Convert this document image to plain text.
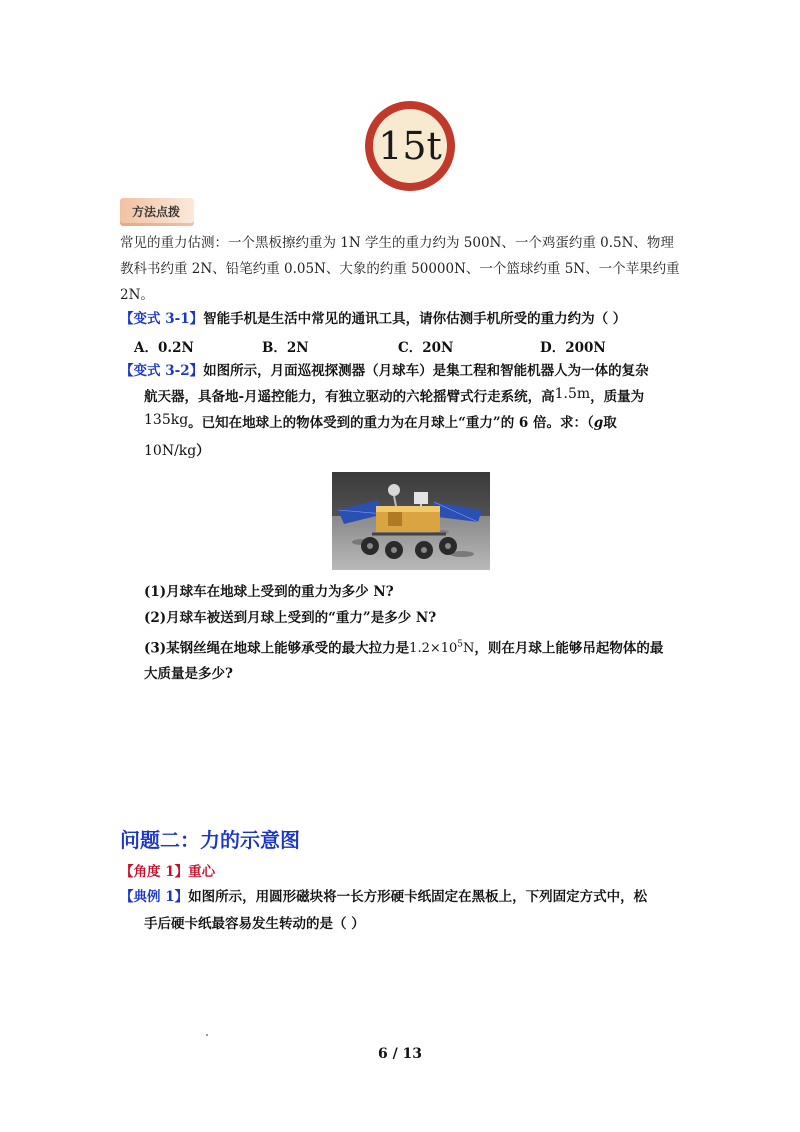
15t
方法点拨
常见的重力估测：一个黑板擦约重为 1N 学生的重力约为 500N、一个鸡蛋约重 0.5N、物理
教科书约重 2N、铅笔约重 0.05N、大象的约重 50000N、一个篮球约重 5N、一个苹果约重
2N。
【变式 3-1】智能手机是生活中常见的通讯工具，请你估测手机所受的重力约为（ ）
A．0.2N	B．2N	C．20N	D．200N
【变式 3-2】如图所示，月面巡视探测器（月球车）是集工程和智能机器人为一体的复杂
航天器，具备地-月遥控能力，有独立驱动的六轮摇臂式行走系统，高1.5m，质量为
135kg。已知在地球上的物体受到的重力为在月球上“重力”的 6 倍。求：（g取
10N/kg）
(1)月球车在地球上受到的重力为多少 N?
(2)月球车被送到月球上受到的“重力”是多少 N?
(3)某钢丝绳在地球上能够承受的最大拉力是$1.2\times 10^5N$，则在月球上能够吊起物体的最
大质量是多少?
问题二：力的示意图
【角度 1】重心
【典例 1】如图所示，用圆形磁块将一长方形硬卡纸固定在黑板上，下列固定方式中，松
手后硬卡纸最容易发生转动的是（ ）
6 / 13
